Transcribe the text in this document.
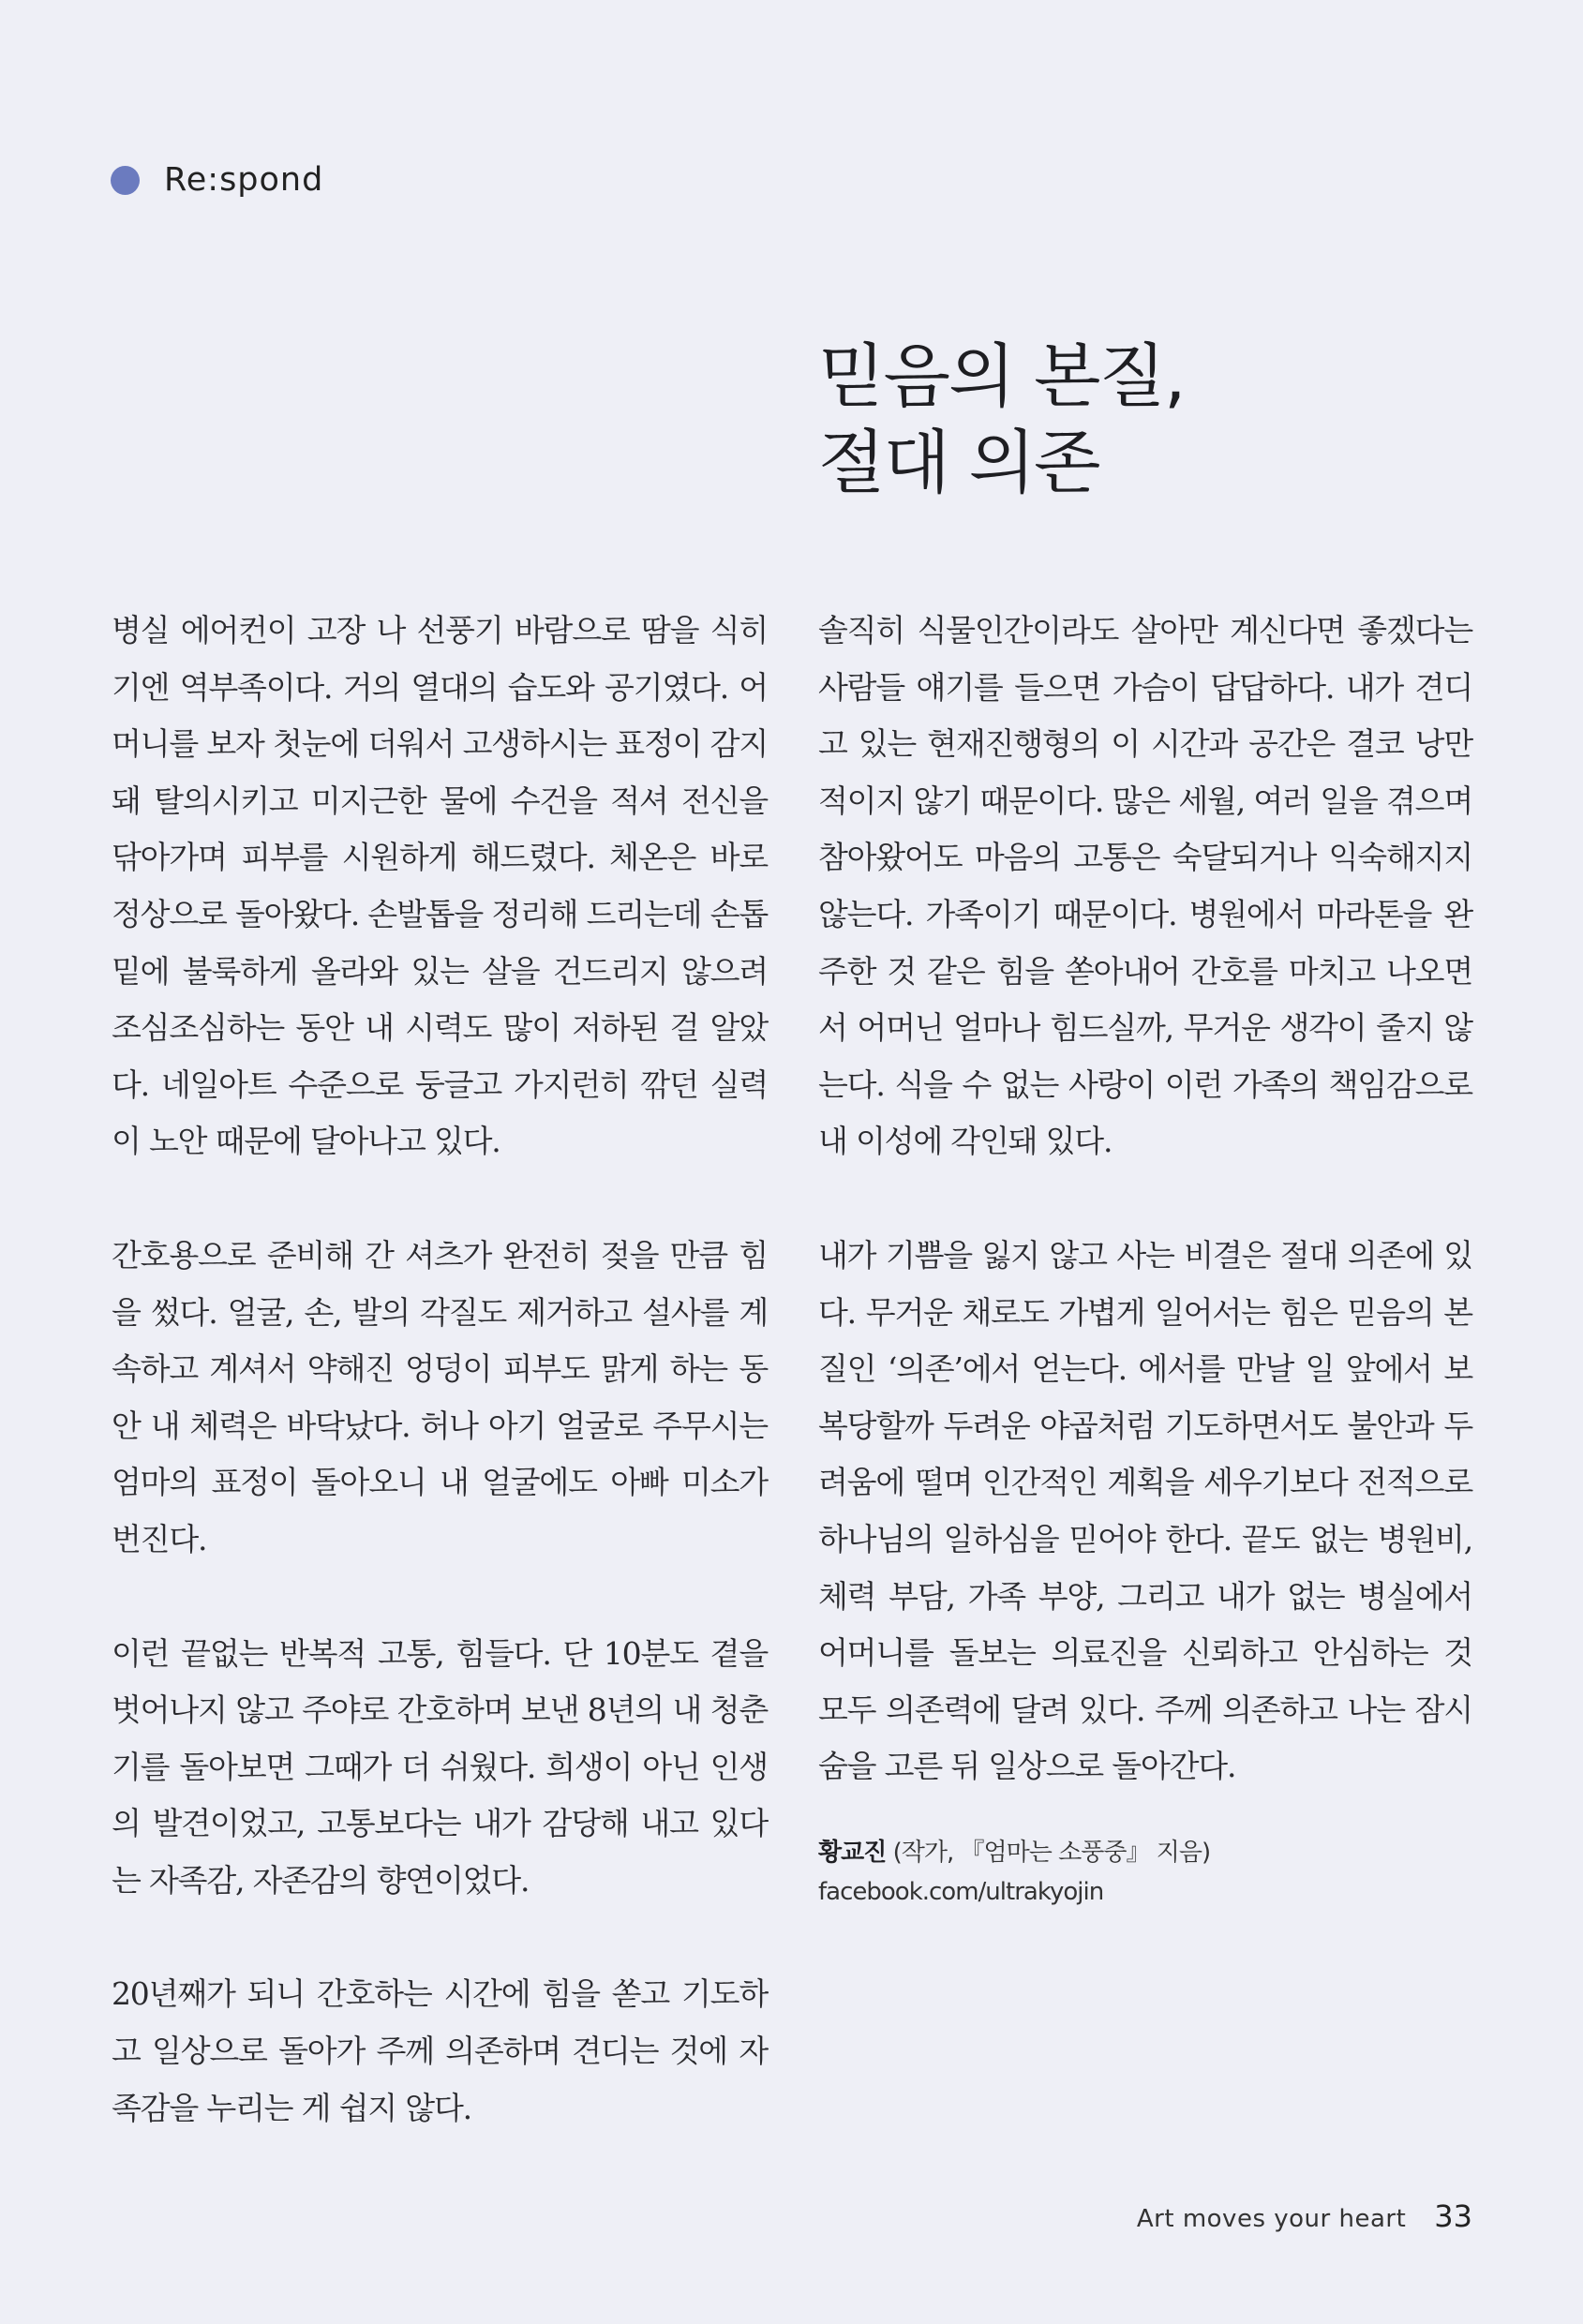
Re:spond
믿음의 본질,
절대 의존

병실 에어컨이 고장 나 선풍기 바람으로 땀을 식히기엔 역부족이다. 거의 열대의 습도와 공기였다. 어머니를 보자 첫눈에 더워서 고생하시는 표정이 감지돼 탈의시키고 미지근한 물에 수건을 적셔 전신을 닦아가며 피부를 시원하게 해드렸다. 체온은 바로 정상으로 돌아왔다. 손발톱을 정리해 드리는데 손톱 밑에 불룩하게 올라와 있는 살을 건드리지 않으려 조심조심하는 동안 내 시력도 많이 저하된 걸 알았다. 네일아트 수준으로 둥글고 가지런히 깎던 실력이 노안 때문에 달아나고 있다.

간호용으로 준비해 간 셔츠가 완전히 젖을 만큼 힘을 썼다. 얼굴, 손, 발의 각질도 제거하고 설사를 계속하고 계셔서 약해진 엉덩이 피부도 맑게 하는 동안 내 체력은 바닥났다. 허나 아기 얼굴로 주무시는 엄마의 표정이 돌아오니 내 얼굴에도 아빠 미소가 번진다.

이런 끝없는 반복적 고통, 힘들다. 단 10분도 곁을 벗어나지 않고 주야로 간호하며 보낸 8년의 내 청춘기를 돌아보면 그때가 더 쉬웠다. 희생이 아닌 인생의 발견이었고, 고통보다는 내가 감당해 내고 있다는 자족감, 자존감의 향연이었다.

20년째가 되니 간호하는 시간에 힘을 쏟고 기도하고 일상으로 돌아가 주께 의존하며 견디는 것에 자족감을 누리는 게 쉽지 않다.

솔직히 식물인간이라도 살아만 계신다면 좋겠다는 사람들 얘기를 들으면 가슴이 답답하다. 내가 견디고 있는 현재진행형의 이 시간과 공간은 결코 낭만적이지 않기 때문이다. 많은 세월, 여러 일을 겪으며 참아왔어도 마음의 고통은 숙달되거나 익숙해지지 않는다. 가족이기 때문이다. 병원에서 마라톤을 완주한 것 같은 힘을 쏟아내어 간호를 마치고 나오면서 어머닌 얼마나 힘드실까, 무거운 생각이 줄지 않는다. 식을 수 없는 사랑이 이런 가족의 책임감으로 내 이성에 각인돼 있다.

내가 기쁨을 잃지 않고 사는 비결은 절대 의존에 있다. 무거운 채로도 가볍게 일어서는 힘은 믿음의 본질인 ‘의존’에서 얻는다. 에서를 만날 일 앞에서 보복당할까 두려운 야곱처럼 기도하면서도 불안과 두려움에 떨며 인간적인 계획을 세우기보다 전적으로 하나님의 일하심을 믿어야 한다. 끝도 없는 병원비, 체력 부담, 가족 부양, 그리고 내가 없는 병실에서 어머니를 돌보는 의료진을 신뢰하고 안심하는 것 모두 의존력에 달려 있다. 주께 의존하고 나는 잠시 숨을 고른 뒤 일상으로 돌아간다.

황교진 (작가, 『엄마는 소풍중』 지음)
facebook.com/ultrakyojin
Art moves your heart 33
